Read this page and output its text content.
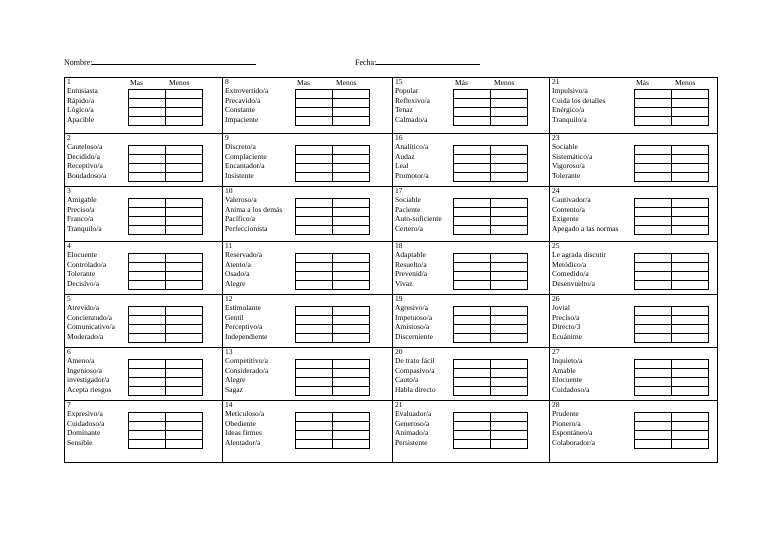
Nombre:	Fecha:
Mas	Menos
1
Entusiasta
Rápido/a
Lógico/a
Apacible
2
Cauteloso/a
Decidido/a
Receptivo/a
Bondadoso/a
3
Amigable
Preciso/a
Franco/a
Tranquilo/a
4
Elocuente
Controlado/a
Tolerante
Decisivo/a
5
Atrevido/a
Concienzudo/a
Comunicativo/a
Moderado/a
6
Ameno/a
Ingenioso/a
investigador/a
Acepta riesgos
7
Expresivo/a
Cuidadoso/a
Dominante
Sensible
Mas	Menos
8
Extrovertido/a
Precavido/a
Constante
Impaciente
9
Discreto/a
Complaciente
Encantador/a
Insistente
10
Valeroso/a
Anima a los demás
Pacífico/a
Perfeccionista
11
Reservado/a
Atento/a
Osado/a
Alegre
12
Estimulante
Gentil
Perceptivo/a
Independiente
13
Competitivo/a
Considerado/a
Alegre
Sagaz
14
Meticuloso/a
Obediente
Ideas firmes
Alentador/a
Más	Menos
15
Popular
Reflexivo/a
Tenaz
Calmado/a
16
Analítico/a
Audaz
Leal
Promotor/a
17
Sociable
Paciente
Auto-suficiente
Certero/a
18
Adaptable
Resuelto/a
Prevenid/a
Vivaz
19
Agresivo/a
Impetuoso/a
Amistoso/a
Discerniente
20
De trato fácil
Compasivo/a
Cauto/a
Habla directo
21
Evaluador/a
Generoso/a
Animado/a
Persistente
Más	Menos
21
Impulsivo/a
Cuida los detalles
Enérgico/a
Tranquilo/a
23
Sociable
Sistemático/a
Vigoroso/a
Tolerante
24
Cautivador/a
Contento/a
Exigente
Apegado a las normas
25
Le agrada discutir
Metódico/a
Comedido/a
Desenvuelto/a
26
Jovial
Preciso/a
Directo/3
Ecuánime
27
Inquieto/a
Amable
Elocuente
Cuidadoso/a
28
Prudente
Pionero/a
Espontáneo/a
Colaborador/a
